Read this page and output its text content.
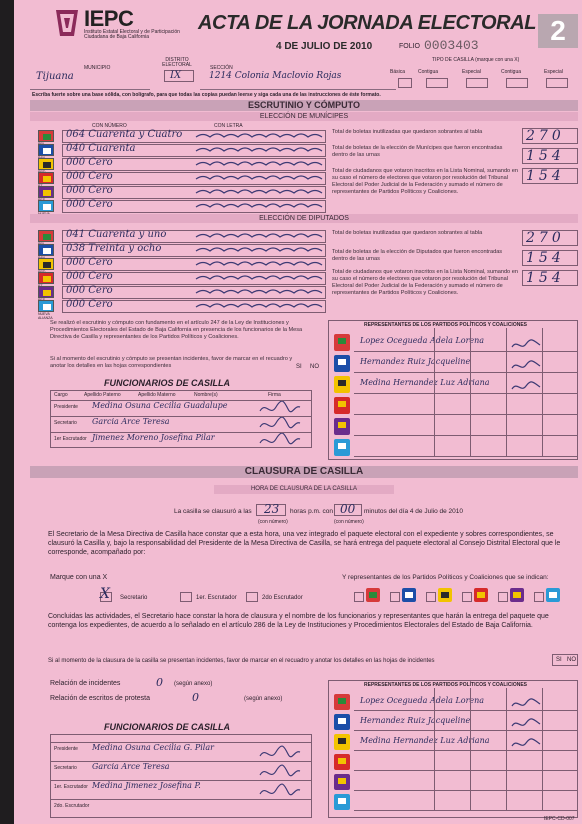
IEPC
Instituto Estatal Electoral y de Participación Ciudadana de Baja California
ACTA DE LA JORNADA ELECTORAL
4 DE JULIO DE 2010	FOLIO 0003403	2
TIPO DE CASILLA (marque con una X)
MUNICIPIO
DISTRITO ELECTORAL	SECCIÓN
Tijuana	IX	1214 Colonia Maclovio Rojas	Básica	Contigua	Especial	Contigua	Especial
Escriba fuerte sobre una base sólida, con bolígrafo, para que todas las copias puedan leerse y siga cada una de las instrucciones de éste formato.
ESCRUTINIO Y CÓMPUTO
ELECCIÓN DE MUNÍCIPES
CON NÚMERO	CON LETRA
064 Cuarenta y Cuatro
040 Cuarenta
000 Cero
000 Cero
000 Cero
000 Cero
Total de boletas inutilizadas que quedaron sobrantes al tabla
Total de boletas de la elección de Munícipes que fueron encontradas dentro de las urnas
Total de ciudadanos que votaron inscritos en la Lista Nominal, sumando en su caso el número de electores que votaron por resolución del Tribunal Electoral del Poder Judicial de la Federación y sumado el número de representantes de Partidos Políticos y Coaliciones.
270
154
154
ELECCIÓN DE DIPUTADOS
041 Cuarenta y uno
038 Treinta y ocho
000 Cero
000 Cero
000 Cero
NUEVA ALIANZA
000 Cero
Total de boletas inutilizadas que quedaron sobrantes al tabla
Total de boletas de la elección de Diputados que fueron encontradas dentro de las urnas
Total de ciudadanos que votaron inscritos en la Lista Nominal, sumando en su caso el número de electores que votaron por resolución del Tribunal Electoral del Poder Judicial de la Federación y sumado el número de representantes de Partidos Políticos y Coaliciones.
270
154
154
Se realizó el escrutinio y cómputo con fundamento en el artículo 247 de la Ley de Instituciones y Procedimientos Electorales del Estado de Baja California en presencia de los funcionarios de la Mesa Directiva de Casilla y representantes de los Partidos Políticos y Coaliciones.
Si al momento del escrutinio y cómputo se presentan incidentes, favor de marcar en el recuadro y anotar los detalles en las hojas correspondientes	SI NO
FUNCIONARIOS DE CASILLA
Cargo	Apellido Paterno	Apellido Materno	Nombre(s)	Firma
Presidente Medina Osuna Cecilia Guadalupe
Secretario Garcia Arce Teresa
1er Escrutador Jimenez Moreno Josefina Pilar
REPRESENTANTES DE LOS PARTIDOS POLÍTICOS Y COALICIONES
Lopez Ocegueda Adela Lorena
Hernandez Ruiz Jacqueline
Medina Hernandez Luz Adriana
CLAUSURA DE CASILLA
HORA DE CLAUSURA DE LA CASILLA
La casilla se clausuró a las 23 horas p.m. con 00 minutos del día 4 de Julio de 2010
(con número)	(con número)
El Secretario de la Mesa Directiva de Casilla hace constar que a esta hora, una vez integrado el paquete electoral con el expediente y sobres correspondientes, se clausuró la Casilla y, bajo la responsabilidad del Presidente de la Mesa Directiva de Casilla, se hará entrega del paquete electoral al Consejo Distrital Electoral que le corresponde, acompañado por:
Marque con una X
X Secretario	1er. Escrutador	2do Escrutador
Y representantes de los Partidos Políticos y Coaliciones que se indican:
Concluidas las actividades, el Secretario hace constar la hora de clausura y el nombre de los funcionarios y representantes que harán la entrega del paquete que contenga los expedientes, de acuerdo a lo señalado en el artículo 286 de la Ley de Instituciones y Procedimientos Electorales del Estado de Baja California.
Si al momento de la clausura de la casilla se presentan incidentes, favor de marcar en el recuadro y anotar los detalles en las hojas de incidentes	SI NO
Relación de incidentes	0 (según anexo)
Relación de escritos de protesta	0	(según anexo)
FUNCIONARIOS DE CASILLA
Presidente Medina Osuna Cecilia G. Pilar
Secretario Garcia Arce Teresa
1er. Escrutador Medina Jimenez Josefina P.
2do. Escrutador
REPRESENTANTES DE LOS PARTIDOS POLÍTICOS Y COALICIONES
Lopez Ocegueda Adela Lorena
Hernandez Ruiz Jacqueline
Medina Hernandez Luz Adriana
IEPC-CD-007
